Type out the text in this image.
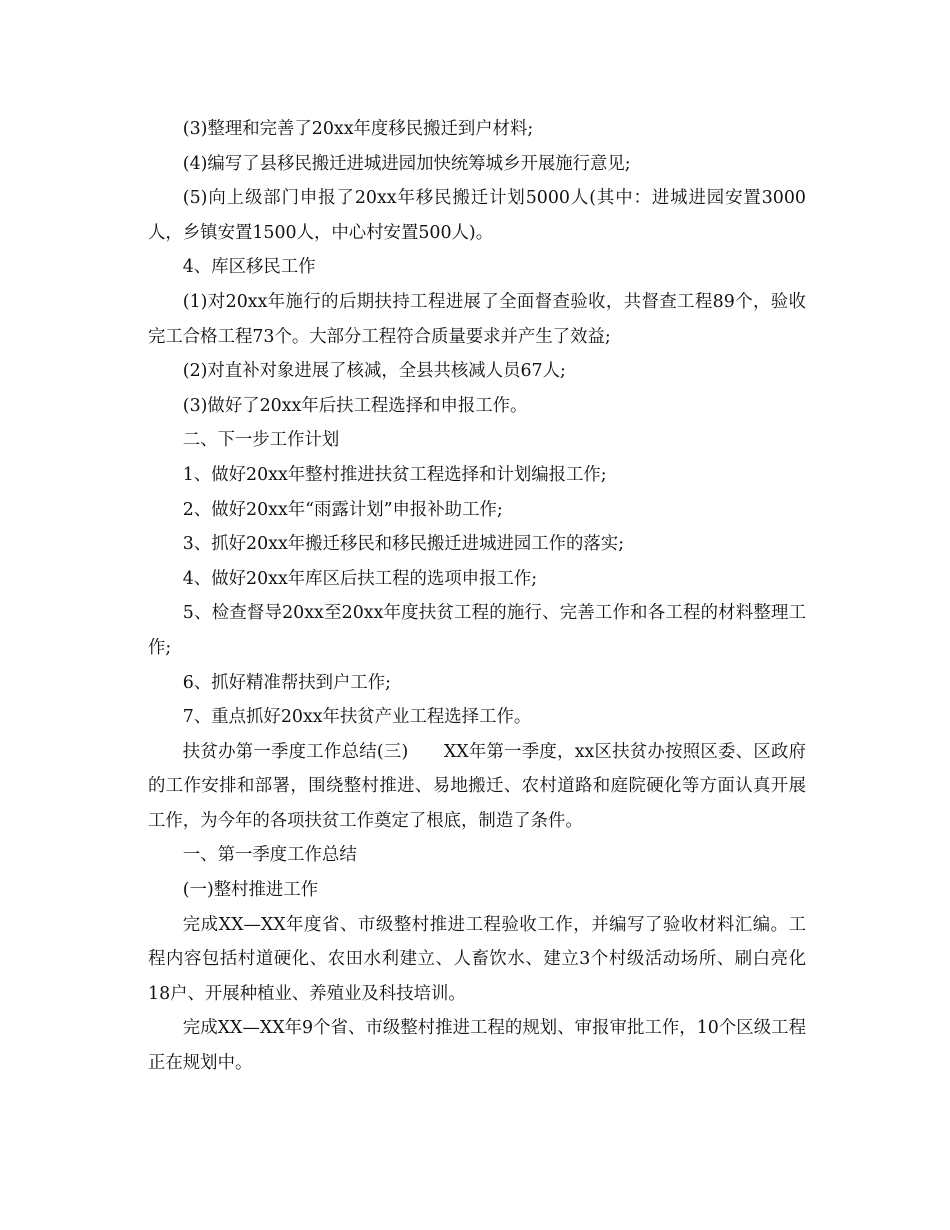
(3)整理和完善了20xx年度移民搬迁到户材料;

(4)编写了县移民搬迁进城进园加快统筹城乡开展施行意见;

(5)向上级部门申报了20xx年移民搬迁计划5000人(其中：进城进园安置3000人，乡镇安置1500人，中心村安置500人)。

4、库区移民工作

(1)对20xx年施行的后期扶持工程进展了全面督查验收，共督查工程89个，验收完工合格工程73个。大部分工程符合质量要求并产生了效益;

(2)对直补对象进展了核减，全县共核减人员67人;

(3)做好了20xx年后扶工程选择和申报工作。

二、下一步工作计划

1、做好20xx年整村推进扶贫工程选择和计划编报工作;

2、做好20xx年“雨露计划”申报补助工作;

3、抓好20xx年搬迁移民和移民搬迁进城进园工作的落实;

4、做好20xx年库区后扶工程的选项申报工作;

5、检查督导20xx至20xx年度扶贫工程的施行、完善工作和各工程的材料整理工作;

6、抓好精准帮扶到户工作;

7、重点抓好20xx年扶贫产业工程选择工作。

扶贫办第一季度工作总结(三)　　XX年第一季度，xx区扶贫办按照区委、区政府的工作安排和部署，围绕整村推进、易地搬迁、农村道路和庭院硬化等方面认真开展工作，为今年的各项扶贫工作奠定了根底，制造了条件。

一、第一季度工作总结

(一)整村推进工作

完成XX—XX年度省、市级整村推进工程验收工作，并编写了验收材料汇编。工程内容包括村道硬化、农田水利建立、人畜饮水、建立3个村级活动场所、刷白亮化18户、开展种植业、养殖业及科技培训。

完成XX—XX年9个省、市级整村推进工程的规划、审报审批工作，10个区级工程正在规划中。
